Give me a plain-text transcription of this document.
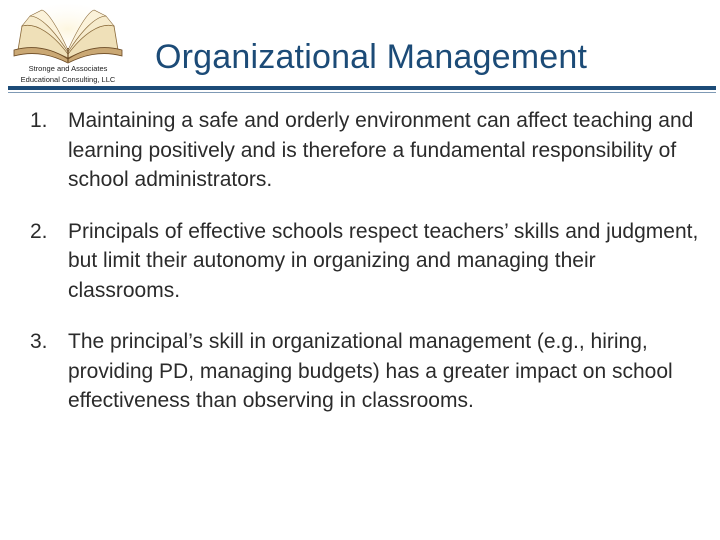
Stronge and Associates
Educational Consulting, LLC
Organizational Management
1. Maintaining a safe and orderly environment can affect teaching and learning positively and is therefore a fundamental responsibility of school administrators.
2. Principals of effective schools respect teachers’ skills and judgment, but limit their autonomy in organizing and managing their classrooms.
3. The principal’s skill in organizational management (e.g., hiring, providing PD, managing budgets) has a greater impact on school effectiveness than observing in classrooms.
